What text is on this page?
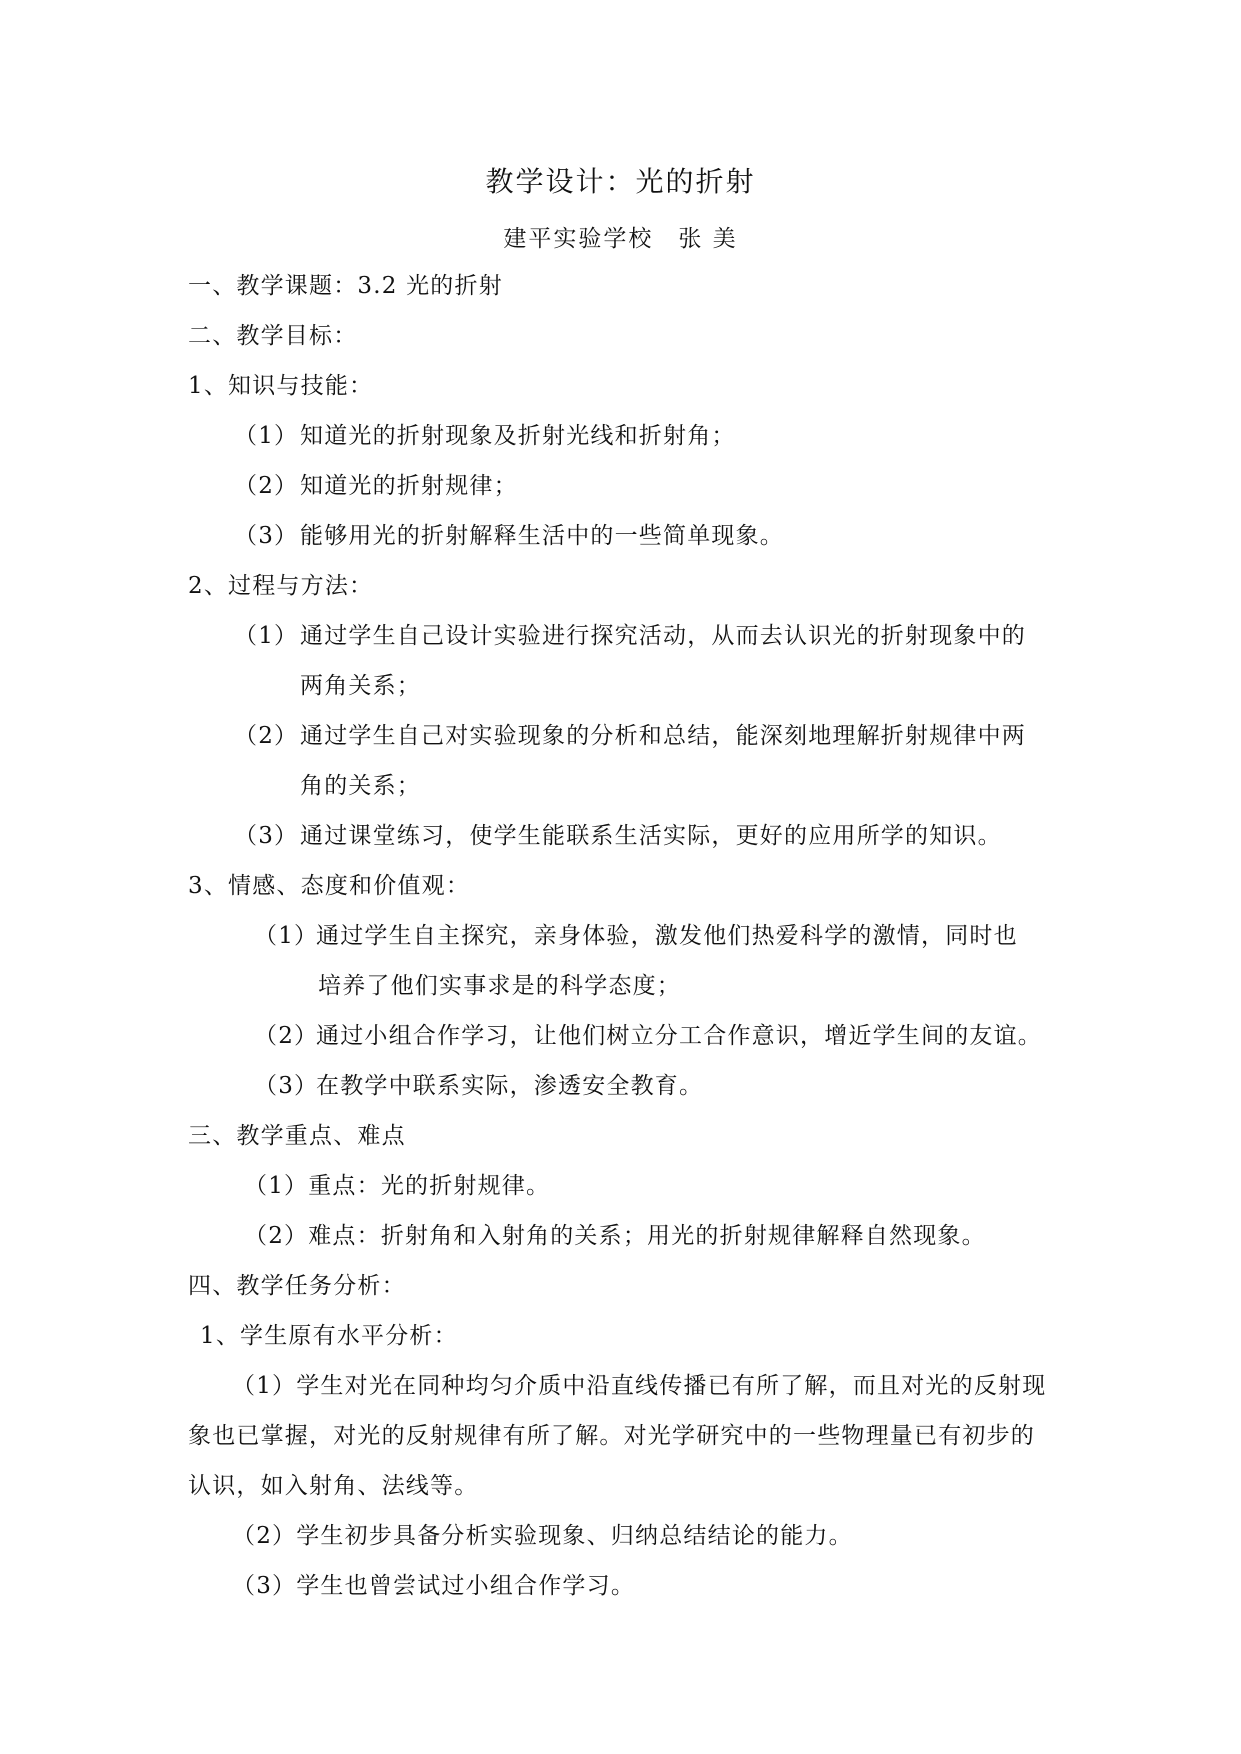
教学设计：光的折射
建平实验学校　张 美
一、教学课题：3.2 光的折射
二、教学目标：
1、知识与技能：
（1）知道光的折射现象及折射光线和折射角；
（2）知道光的折射规律；
（3）能够用光的折射解释生活中的一些简单现象。
2、过程与方法：
（1）通过学生自己设计实验进行探究活动，从而去认识光的折射现象中的
两角关系；
（2）通过学生自己对实验现象的分析和总结，能深刻地理解折射规律中两
角的关系；
（3）通过课堂练习，使学生能联系生活实际，更好的应用所学的知识。
3、情感、态度和价值观：
（1）通过学生自主探究，亲身体验，激发他们热爱科学的激情，同时也
培养了他们实事求是的科学态度；
（2）通过小组合作学习，让他们树立分工合作意识，增近学生间的友谊。
（3）在教学中联系实际，渗透安全教育。
三、教学重点、难点
（1）重点：光的折射规律。
（2）难点：折射角和入射角的关系；用光的折射规律解释自然现象。
四、教学任务分析：
1、学生原有水平分析：
（1）学生对光在同种均匀介质中沿直线传播已有所了解，而且对光的反射现
象也已掌握，对光的反射规律有所了解。对光学研究中的一些物理量已有初步的
认识，如入射角、法线等。
（2）学生初步具备分析实验现象、归纳总结结论的能力。
（3）学生也曾尝试过小组合作学习。
